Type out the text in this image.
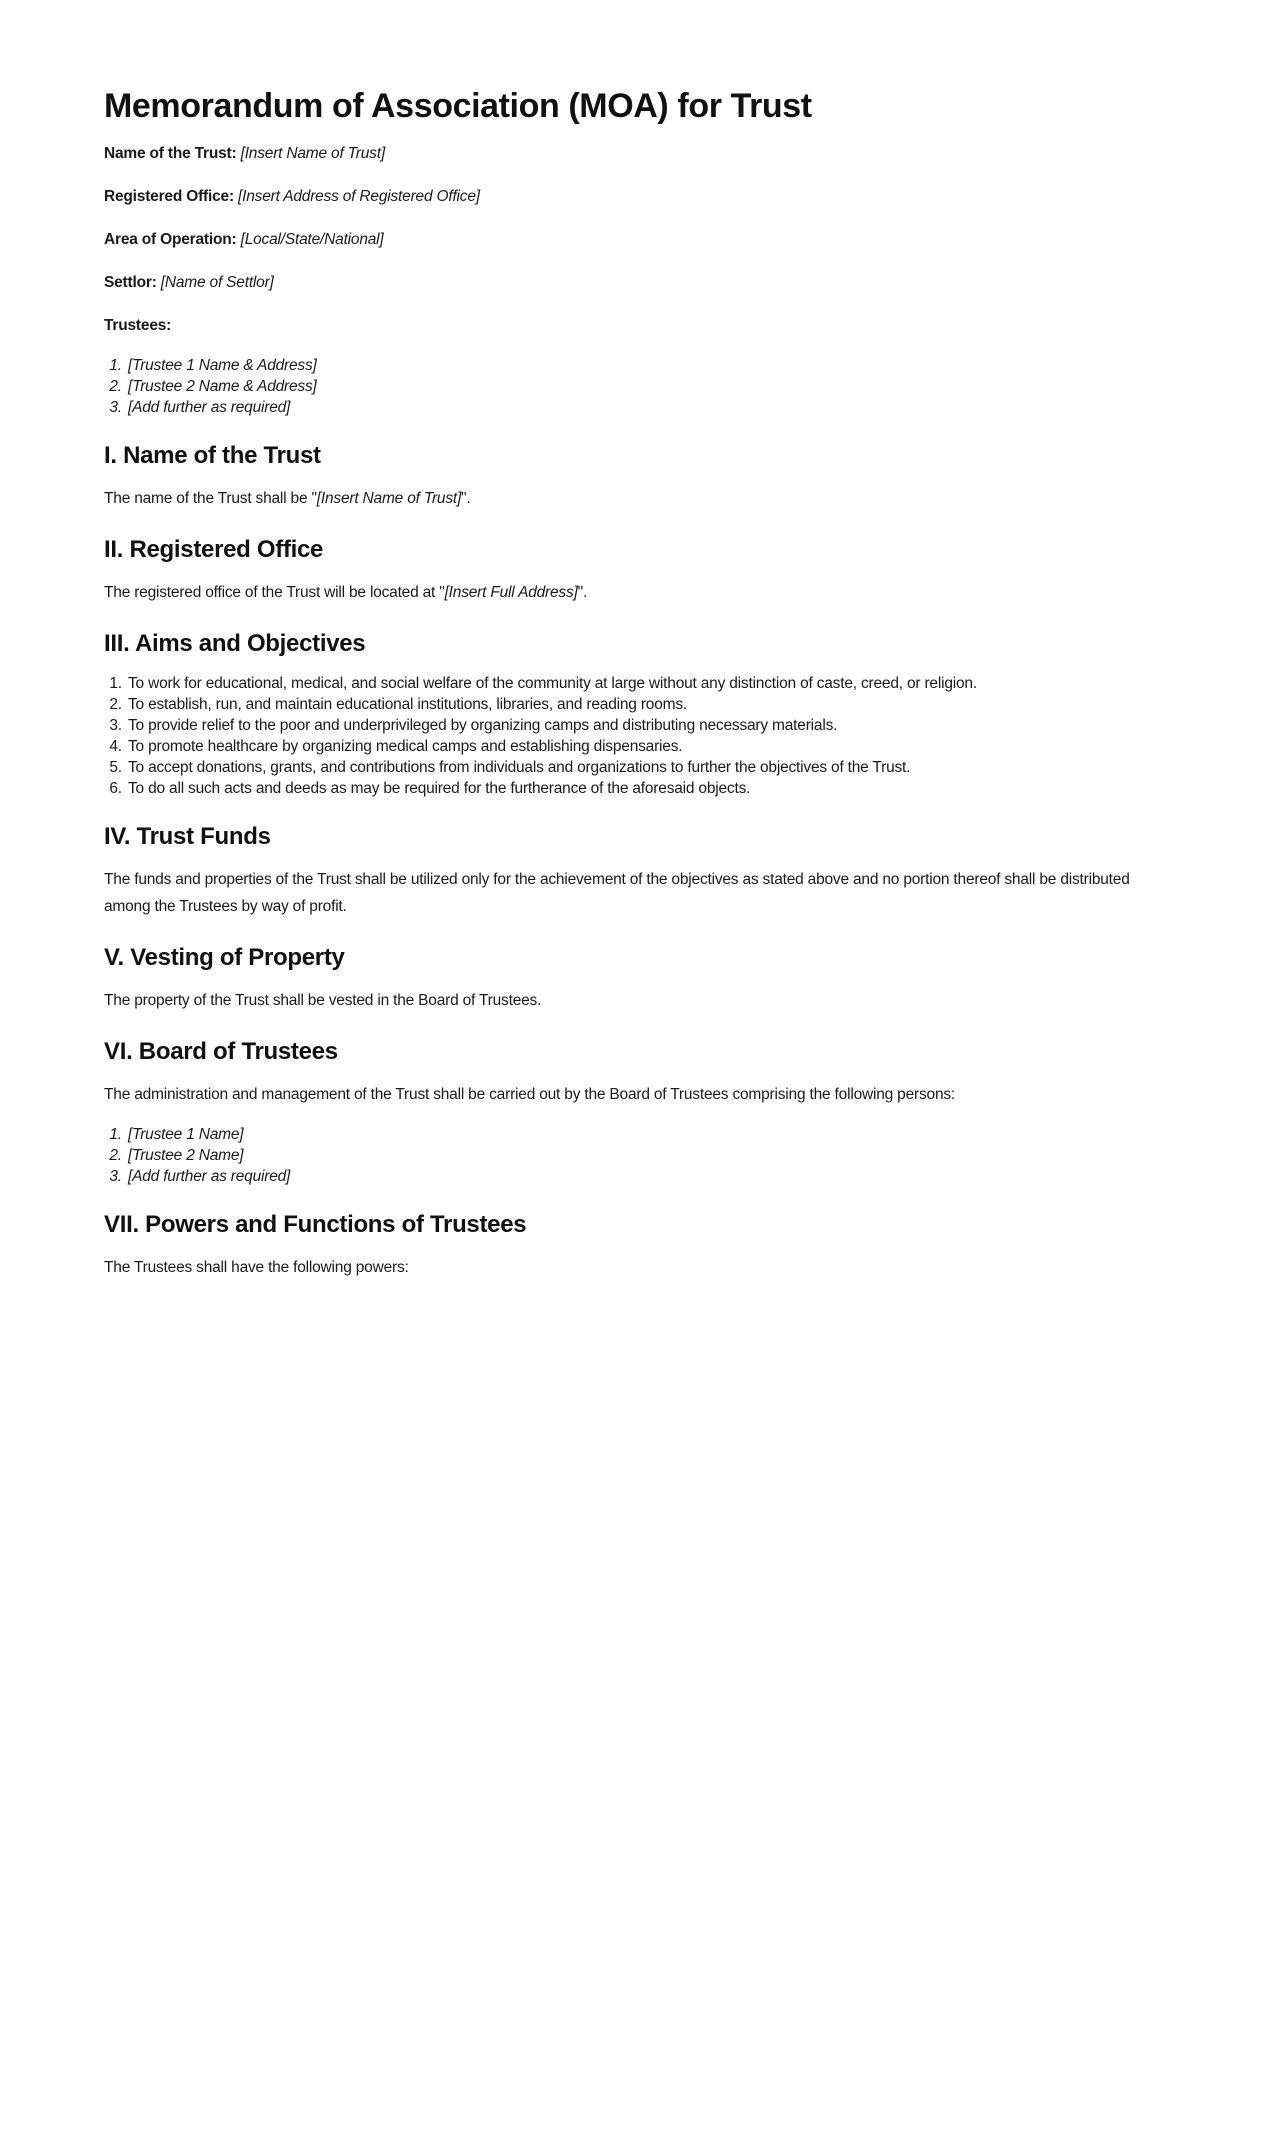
Memorandum of Association (MOA) for Trust

Name of the Trust: [Insert Name of Trust]

Registered Office: [Insert Address of Registered Office]

Area of Operation: [Local/State/National]

Settlor: [Name of Settlor]

Trustees:

1. [Trustee 1 Name & Address]
2. [Trustee 2 Name & Address]
3. [Add further as required]
I. Name of the Trust

The name of the Trust shall be "[Insert Name of Trust]".

II. Registered Office

The registered office of the Trust will be located at "[Insert Full Address]".

III. Aims and Objectives
1. To work for educational, medical, and social welfare of the community at large without any distinction of caste, creed, or religion.
2. To establish, run, and maintain educational institutions, libraries, and reading rooms.
3. To provide relief to the poor and underprivileged by organizing camps and distributing necessary materials.
4. To promote healthcare by organizing medical camps and establishing dispensaries.
5. To accept donations, grants, and contributions from individuals and organizations to further the objectives of the Trust.
6. To do all such acts and deeds as may be required for the furtherance of the aforesaid objects.
IV. Trust Funds

The funds and properties of the Trust shall be utilized only for the achievement of the objectives as stated above and no portion thereof shall be distributed among the Trustees by way of profit.

V. Vesting of Property

The property of the Trust shall be vested in the Board of Trustees.

VI. Board of Trustees

The administration and management of the Trust shall be carried out by the Board of Trustees comprising the following persons:

1. [Trustee 1 Name]
2. [Trustee 2 Name]
3. [Add further as required]
VII. Powers and Functions of Trustees

The Trustees shall have the following powers:
